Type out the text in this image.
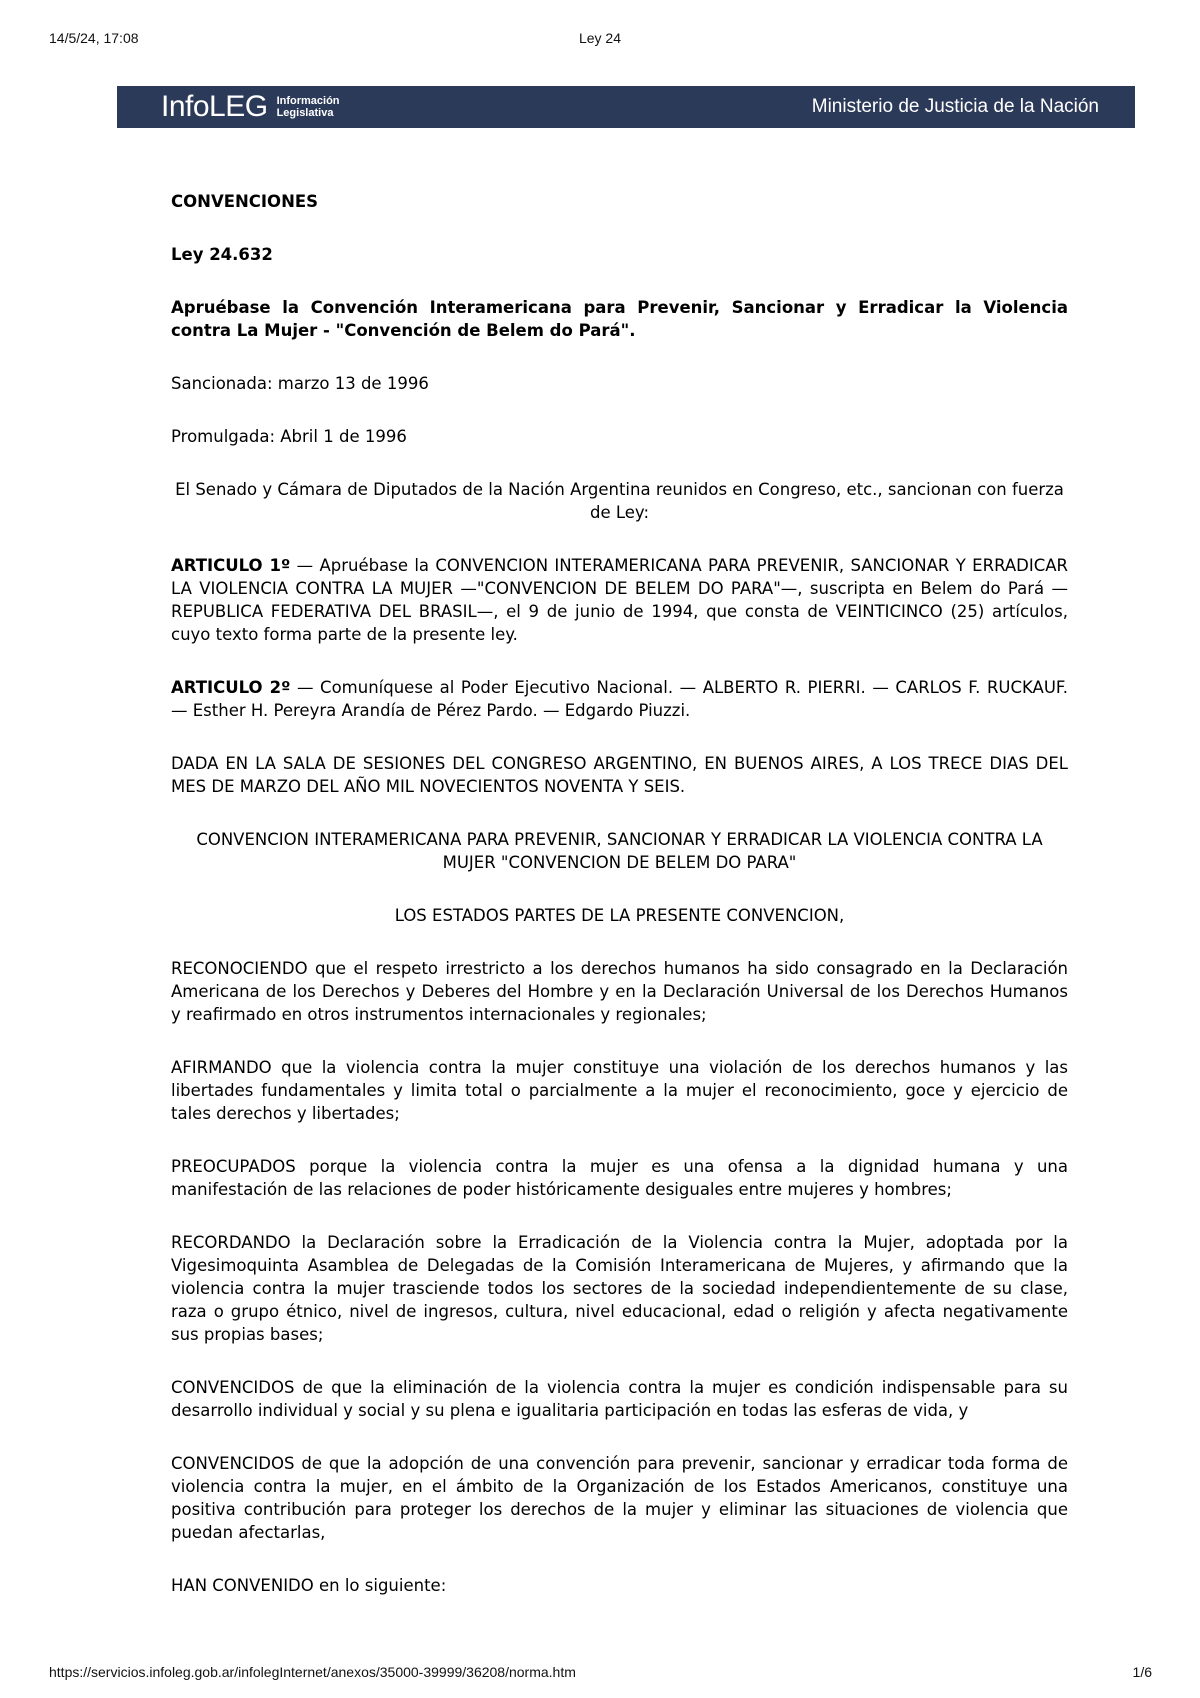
14/5/24, 17:08	Ley 24
InfoLEG Información
Legislativa	Ministerio de Justicia de la Nación

CONVENCIONES

Ley 24.632

Apruébase la Convención Interamericana para Prevenir, Sancionar y Erradicar la Violencia contra La Mujer - "Convención de Belem do Pará".

Sancionada: marzo 13 de 1996

Promulgada: Abril 1 de 1996

El Senado y Cámara de Diputados de la Nación Argentina reunidos en Congreso, etc., sancionan con fuerza de Ley:

ARTICULO 1º — Apruébase la CONVENCION INTERAMERICANA PARA PREVENIR, SANCIONAR Y ERRADICAR LA VIOLENCIA CONTRA LA MUJER —"CONVENCION DE BELEM DO PARA"—, suscripta en Belem do Pará —REPUBLICA FEDERATIVA DEL BRASIL—, el 9 de junio de 1994, que consta de VEINTICINCO (25) artículos, cuyo texto forma parte de la presente ley.

ARTICULO 2º — Comuníquese al Poder Ejecutivo Nacional. — ALBERTO R. PIERRI. — CARLOS F. RUCKAUF. — Esther H. Pereyra Arandía de Pérez Pardo. — Edgardo Piuzzi.

DADA EN LA SALA DE SESIONES DEL CONGRESO ARGENTINO, EN BUENOS AIRES, A LOS TRECE DIAS DEL MES DE MARZO DEL AÑO MIL NOVECIENTOS NOVENTA Y SEIS.

CONVENCION INTERAMERICANA PARA PREVENIR, SANCIONAR Y ERRADICAR LA VIOLENCIA CONTRA LA MUJER "CONVENCION DE BELEM DO PARA"

LOS ESTADOS PARTES DE LA PRESENTE CONVENCION,

RECONOCIENDO que el respeto irrestricto a los derechos humanos ha sido consagrado en la Declaración Americana de los Derechos y Deberes del Hombre y en la Declaración Universal de los Derechos Humanos y reafirmado en otros instrumentos internacionales y regionales;

AFIRMANDO que la violencia contra la mujer constituye una violación de los derechos humanos y las libertades fundamentales y limita total o parcialmente a la mujer el reconocimiento, goce y ejercicio de tales derechos y libertades;

PREOCUPADOS porque la violencia contra la mujer es una ofensa a la dignidad humana y una manifestación de las relaciones de poder históricamente desiguales entre mujeres y hombres;

RECORDANDO la Declaración sobre la Erradicación de la Violencia contra la Mujer, adoptada por la Vigesimoquinta Asamblea de Delegadas de la Comisión Interamericana de Mujeres, y afirmando que la violencia contra la mujer trasciende todos los sectores de la sociedad independientemente de su clase, raza o grupo étnico, nivel de ingresos, cultura, nivel educacional, edad o religión y afecta negativamente sus propias bases;

CONVENCIDOS de que la eliminación de la violencia contra la mujer es condición indispensable para su desarrollo individual y social y su plena e igualitaria participación en todas las esferas de vida, y

CONVENCIDOS de que la adopción de una convención para prevenir, sancionar y erradicar toda forma de violencia contra la mujer, en el ámbito de la Organización de los Estados Americanos, constituye una positiva contribución para proteger los derechos de la mujer y eliminar las situaciones de violencia que puedan afectarlas,

HAN CONVENIDO en lo siguiente:

https://servicios.infoleg.gob.ar/infolegInternet/anexos/35000-39999/36208/norma.htm	1/6
